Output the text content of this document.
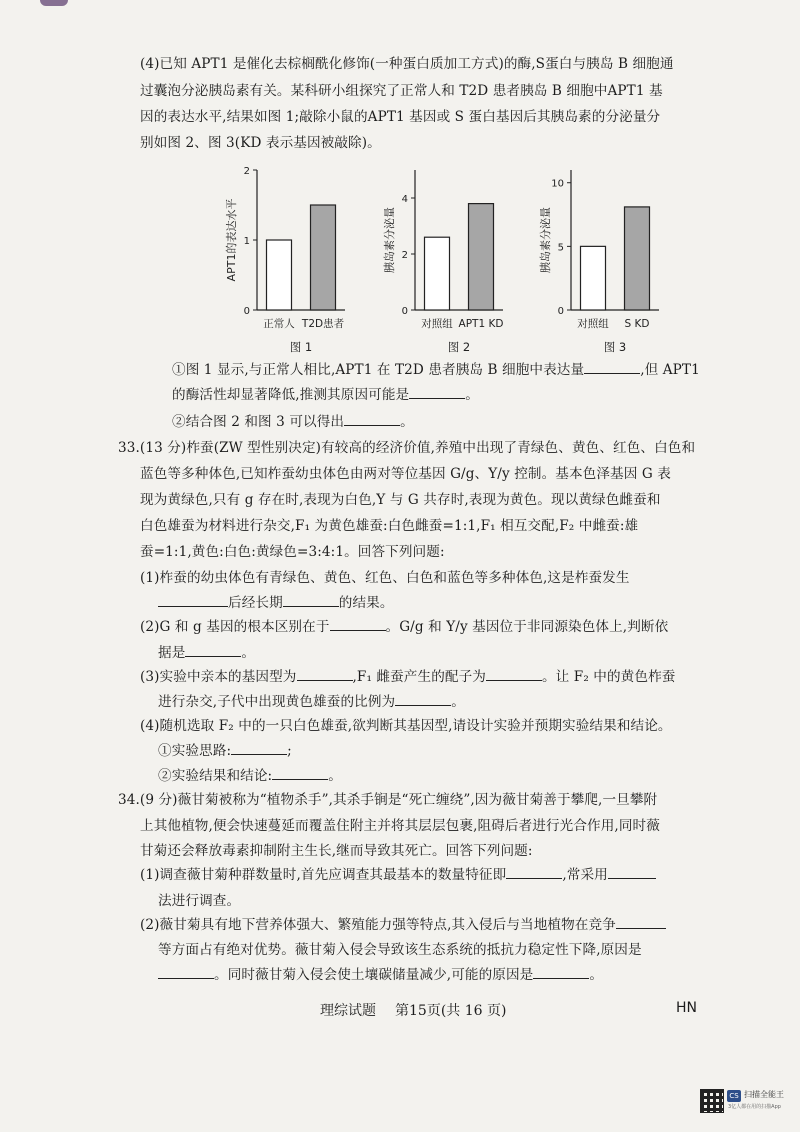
(4)已知 APT1 是催化去棕榈酰化修饰(一种蛋白质加工方式)的酶,S蛋白与胰岛 B 细胞通
过囊泡分泌胰岛素有关。某科研小组探究了正常人和 T2D 患者胰岛 B 细胞中APT1 基
因的表达水平,结果如图 1;敲除小鼠的APT1 基因或 S 蛋白基因后其胰岛素的分泌量分
别如图 2、图 3(KD 表示基因被敲除)。
0
1
2
APT1的表达水平
正常人 T2D患者
图 1
0
2
4
胰岛素分泌量
对照组 APT1 KD
图 2
0
5
10
胰岛素分泌量
对照组 S KD
图 3
①图 1 显示,与正常人相比,APT1 在 T2D 患者胰岛 B 细胞中表达量	,但 APT1
的酶活性却显著降低,推测其原因可能是	。
②结合图 2 和图 3 可以得出	。
33.(13 分)柞蚕(ZW 型性别决定)有较高的经济价值,养殖中出现了青绿色、黄色、红色、白色和
蓝色等多种体色,已知柞蚕幼虫体色由两对等位基因 G/g、Y/y 控制。基本色泽基因 G 表
现为黄绿色,只有 g 存在时,表现为白色,Y 与 G 共存时,表现为黄色。现以黄绿色雌蚕和
白色雄蚕为材料进行杂交,F₁ 为黄色雄蚕:白色雌蚕=1:1,F₁ 相互交配,F₂ 中雌蚕:雄
蚕=1:1,黄色:白色:黄绿色=3:4:1。回答下列问题:
(1)柞蚕的幼虫体色有青绿色、黄色、红色、白色和蓝色等多种体色,这是柞蚕发生
后经长期	的结果。
(2)G 和 g 基因的根本区别在于	。G/g 和 Y/y 基因位于非同源染色体上,判断依
据是	。
(3)实验中亲本的基因型为	,F₁ 雌蚕产生的配子为	。让 F₂ 中的黄色柞蚕
进行杂交,子代中出现黄色雄蚕的比例为	。
(4)随机选取 F₂ 中的一只白色雄蚕,欲判断其基因型,请设计实验并预期实验结果和结论。
①实验思路:	;
②实验结果和结论:	。
34.(9 分)薇甘菊被称为“植物杀手”,其杀手锏是“死亡缠绕”,因为薇甘菊善于攀爬,一旦攀附
上其他植物,便会快速蔓延而覆盖住附主并将其层层包裹,阻碍后者进行光合作用,同时薇
甘菊还会释放毒素抑制附主生长,继而导致其死亡。回答下列问题:
(1)调查薇甘菊种群数量时,首先应调查其最基本的数量特征即	,常采用
法进行调查。
(2)薇甘菊具有地下营养体强大、繁殖能力强等特点,其入侵后与当地植物在竞争
等方面占有绝对优势。薇甘菊入侵会导致该生态系统的抵抗力稳定性下降,原因是
。同时薇甘菊入侵会使土壤碳储量减少,可能的原因是	。
理综试题 第15页(共 16 页)	HN
CS 扫描全能王
3亿人都在用的扫描App
